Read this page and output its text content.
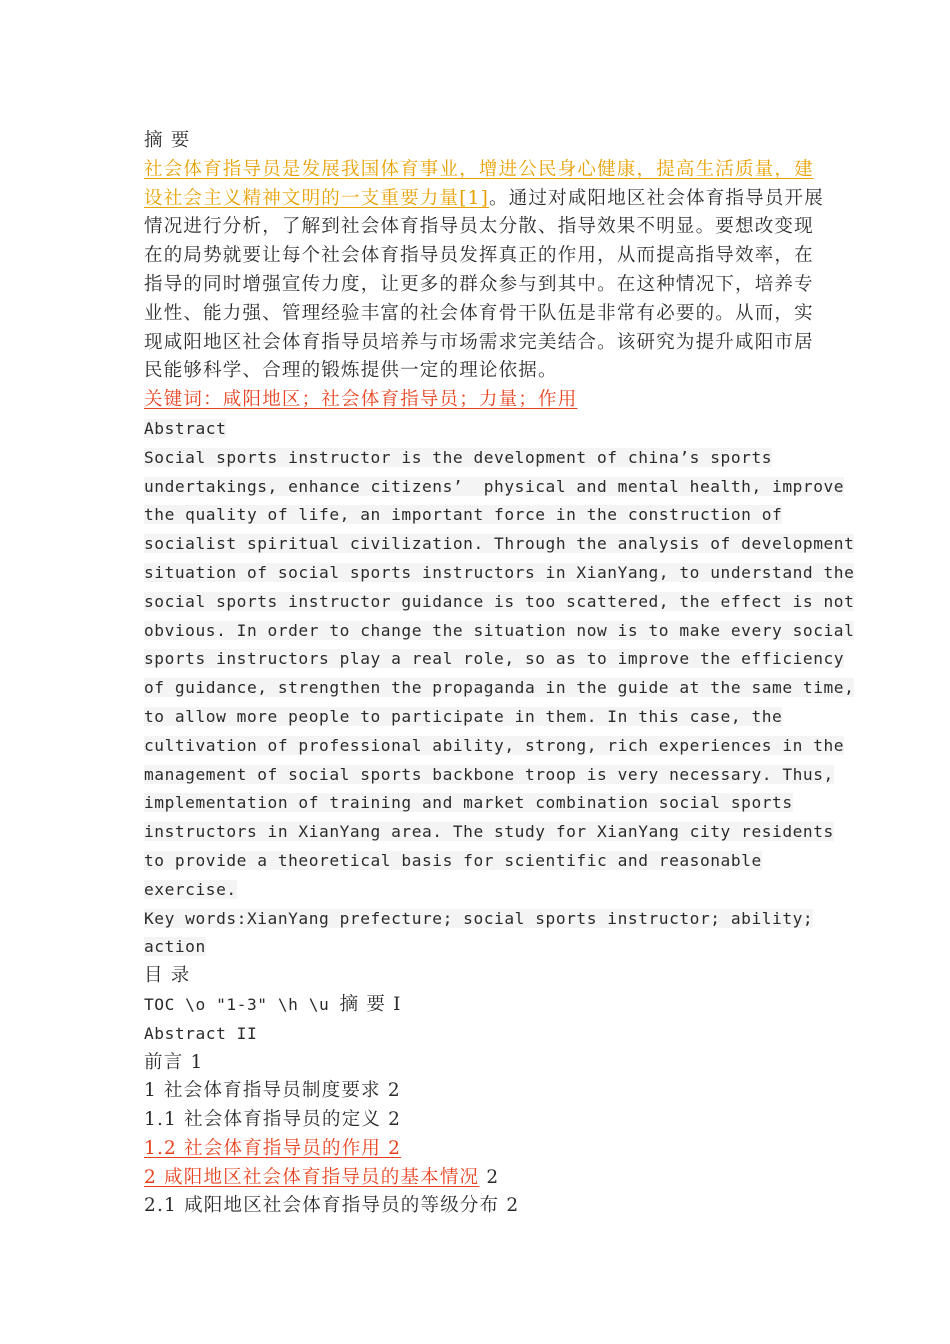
摘 要
社会体育指导员是发展我国体育事业，增进公民身心健康，提高生活质量，建
设社会主义精神文明的一支重要力量[1]。通过对咸阳地区社会体育指导员开展
情况进行分析，了解到社会体育指导员太分散、指导效果不明显。要想改变现
在的局势就要让每个社会体育指导员发挥真正的作用，从而提高指导效率，在
指导的同时增强宣传力度，让更多的群众参与到其中。在这种情况下，培养专
业性、能力强、管理经验丰富的社会体育骨干队伍是非常有必要的。从而，实
现咸阳地区社会体育指导员培养与市场需求完美结合。该研究为提升咸阳市居
民能够科学、合理的锻炼提供一定的理论依据。
关键词：咸阳地区；社会体育指导员；力量；作用
Abstract
Social sports instructor is the development of china’s sports
undertakings, enhance citizens’  physical and mental health, improve
the quality of life, an important force in the construction of
socialist spiritual civilization. Through the analysis of development
situation of social sports instructors in XianYang, to understand the
social sports instructor guidance is too scattered, the effect is not
obvious. In order to change the situation now is to make every social
sports instructors play a real role, so as to improve the efficiency
of guidance, strengthen the propaganda in the guide at the same time,
to allow more people to participate in them. In this case, the
cultivation of professional ability, strong, rich experiences in the
management of social sports backbone troop is very necessary. Thus,
implementation of training and market combination social sports
instructors in XianYang area. The study for XianYang city residents
to provide a theoretical basis for scientific and reasonable
exercise.
Key words:XianYang prefecture; social sports instructor; ability;
action
目 录
TOC \o "1-3" \h \u 摘 要 I
Abstract II
前言 1
1 社会体育指导员制度要求 2
1.1 社会体育指导员的定义 2
1.2 社会体育指导员的作用 2
2 咸阳地区社会体育指导员的基本情况 2
2.1 咸阳地区社会体育指导员的等级分布 2
